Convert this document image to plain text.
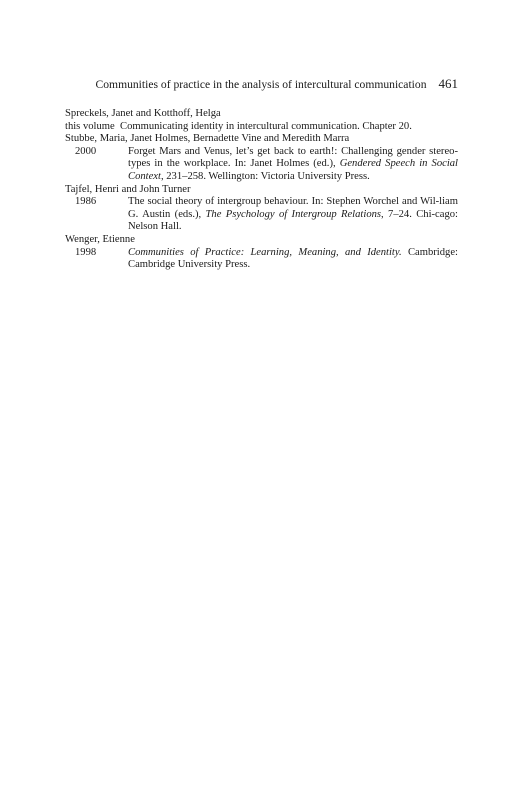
Communities of practice in the analysis of intercultural communication 461
Spreckels, Janet and Kotthoff, Helga
this volume Communicating identity in intercultural communication. Chapter 20.
Stubbe, Maria, Janet Holmes, Bernadette Vine and Meredith Marra
2000	Forget Mars and Venus, let’s get back to earth!: Challenging gender stereo-types in the workplace. In: Janet Holmes (ed.), Gendered Speech in Social Context, 231–258. Wellington: Victoria University Press.
Tajfel, Henri and John Turner
1986	The social theory of intergroup behaviour. In: Stephen Worchel and Wil-liam G. Austin (eds.), The Psychology of Intergroup Relations, 7–24. Chi-cago: Nelson Hall.
Wenger, Etienne
1998	Communities of Practice: Learning, Meaning, and Identity. Cambridge: Cambridge University Press.
